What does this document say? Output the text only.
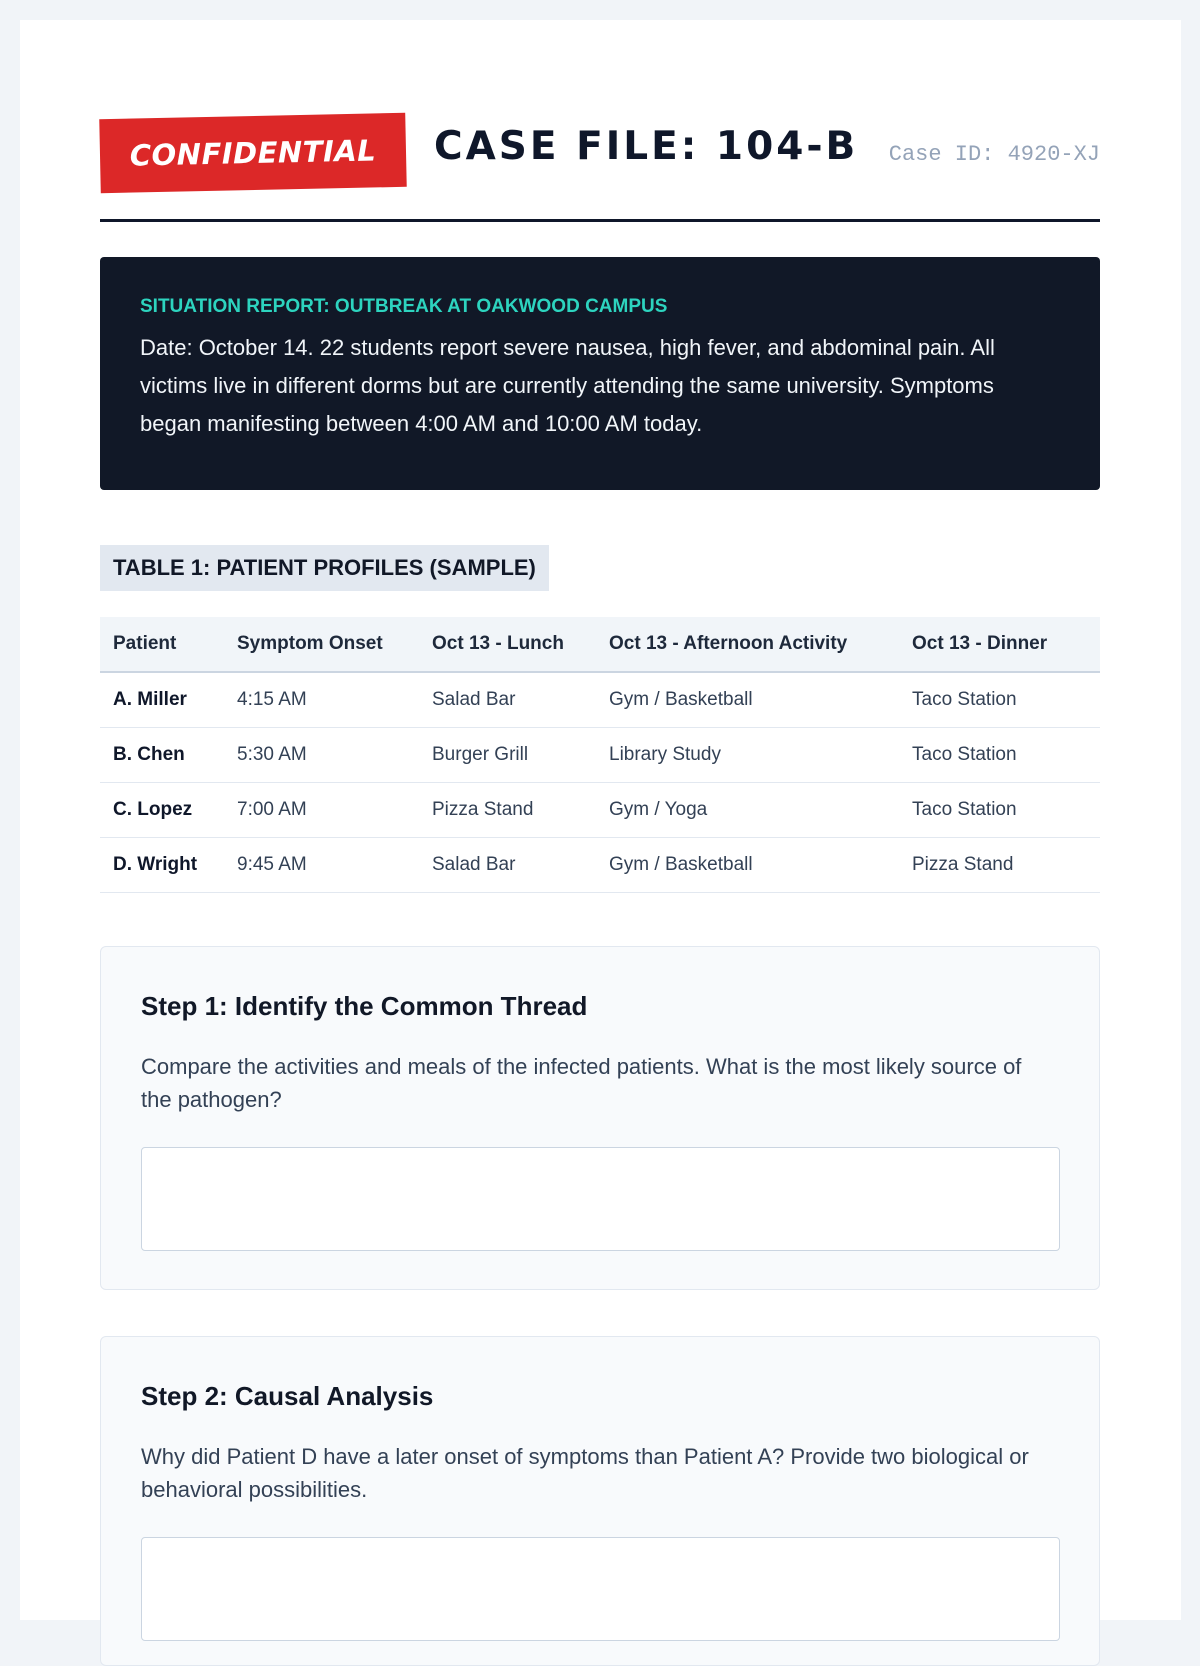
CONFIDENTIAL CASE FILE: 104-B Case ID: 4920-XJ
SITUATION REPORT: OUTBREAK AT OAKWOOD CAMPUS
Date: October 14. 22 students report severe nausea, high fever, and abdominal pain. All victims live in different dorms but are currently attending the same university. Symptoms began manifesting between 4:00 AM and 10:00 AM today.
TABLE 1: PATIENT PROFILES (SAMPLE)
Patient	Symptom Onset	Oct 13 - Lunch	Oct 13 - Afternoon Activity	Oct 13 - Dinner
A. Miller	4:15 AM	Salad Bar	Gym / Basketball	Taco Station
B. Chen	5:30 AM	Burger Grill	Library Study	Taco Station
C. Lopez	7:00 AM	Pizza Stand	Gym / Yoga	Taco Station
D. Wright	9:45 AM	Salad Bar	Gym / Basketball	Pizza Stand
Step 1: Identify the Common Thread
Compare the activities and meals of the infected patients. What is the most likely source of the pathogen?
Step 2: Causal Analysis
Why did Patient D have a later onset of symptoms than Patient A? Provide two biological or behavioral possibilities.
